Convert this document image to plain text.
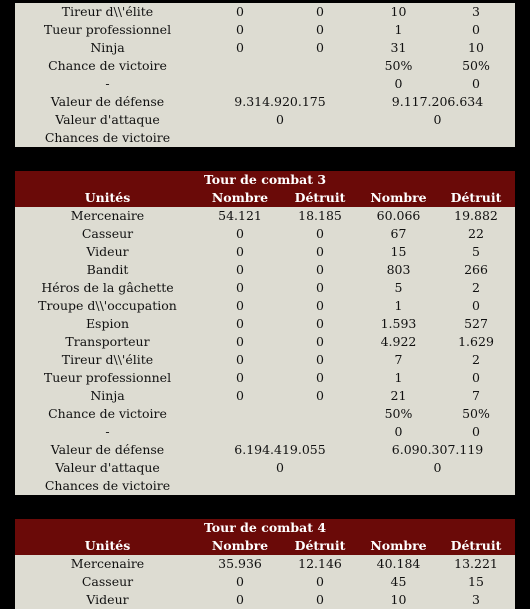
Tireur d\\'élite	0	0	10	3
Tueur professionnel	0	0	1	0
Ninja	0	0	31	10
Chance de victoire			50%	50%
-			0	0
Valeur de défense	9.314.920.175		9.117.206.634	
Valeur d'attaque	0		0	
Chances de victoire				
Tour de combat 3				
Unités	Nombre	Détruit	Nombre	Détruit
Mercenaire	54.121	18.185	60.066	19.882
Casseur	0	0	67	22
Videur	0	0	15	5
Bandit	0	0	803	266
Héros de la gâchette	0	0	5	2
Troupe d\\'occupation	0	0	1	0
Espion	0	0	1.593	527
Transporteur	0	0	4.922	1.629
Tireur d\\'élite	0	0	7	2
Tueur professionnel	0	0	1	0
Ninja	0	0	21	7
Chance de victoire			50%	50%
-			0	0
Valeur de défense	6.194.419.055		6.090.307.119	
Valeur d'attaque	0		0	
Chances de victoire				
Tour de combat 4				
Unités	Nombre	Détruit	Nombre	Détruit
Mercenaire	35.936	12.146	40.184	13.221
Casseur	0	0	45	15
Videur	0	0	10	3
